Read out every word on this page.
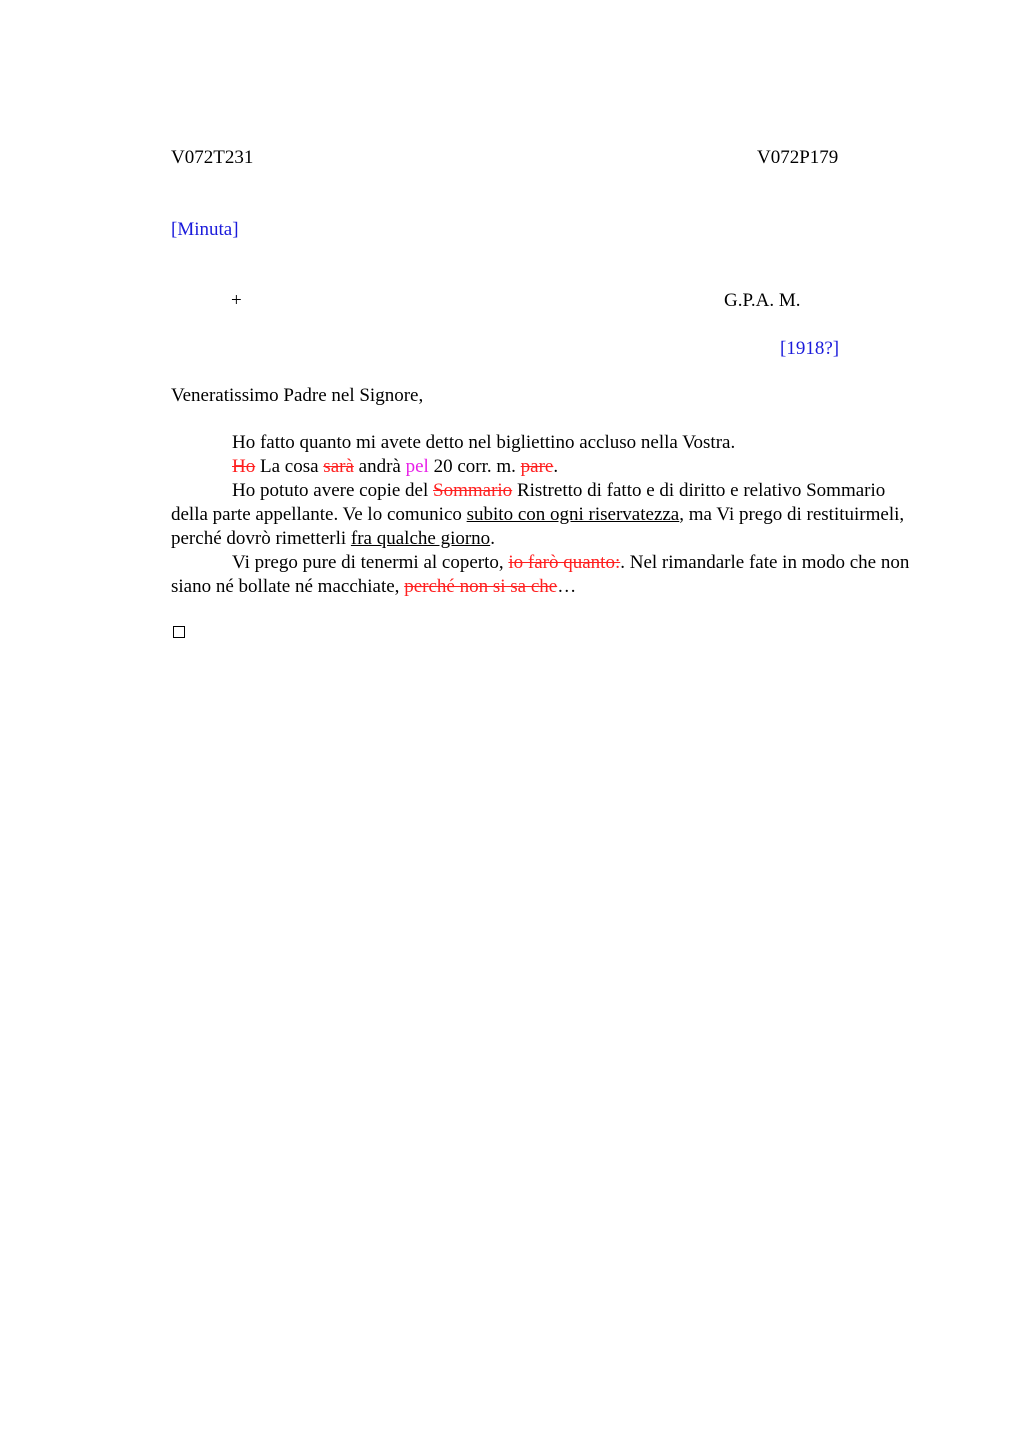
V072T231	V072P179
[Minuta]
+	G.P.A. M.
[1918?]
Veneratissimo Padre nel Signore,
Ho fatto quanto mi avete detto nel bigliettino accluso nella Vostra.
Ho La cosa sarà andrà pel 20 corr. m. pare.
Ho potuto avere copie del Sommario Ristretto di fatto e di diritto e relativo Sommario della parte appellante. Ve lo comunico subito con ogni riservatezza, ma Vi prego di restituirmeli, perché dovrò rimetterli fra qualche giorno.
Vi prego pure di tenermi al coperto, io farò quanto:. Nel rimandarle fate in modo che non siano né bollate né macchiate, perché non si sa che…
